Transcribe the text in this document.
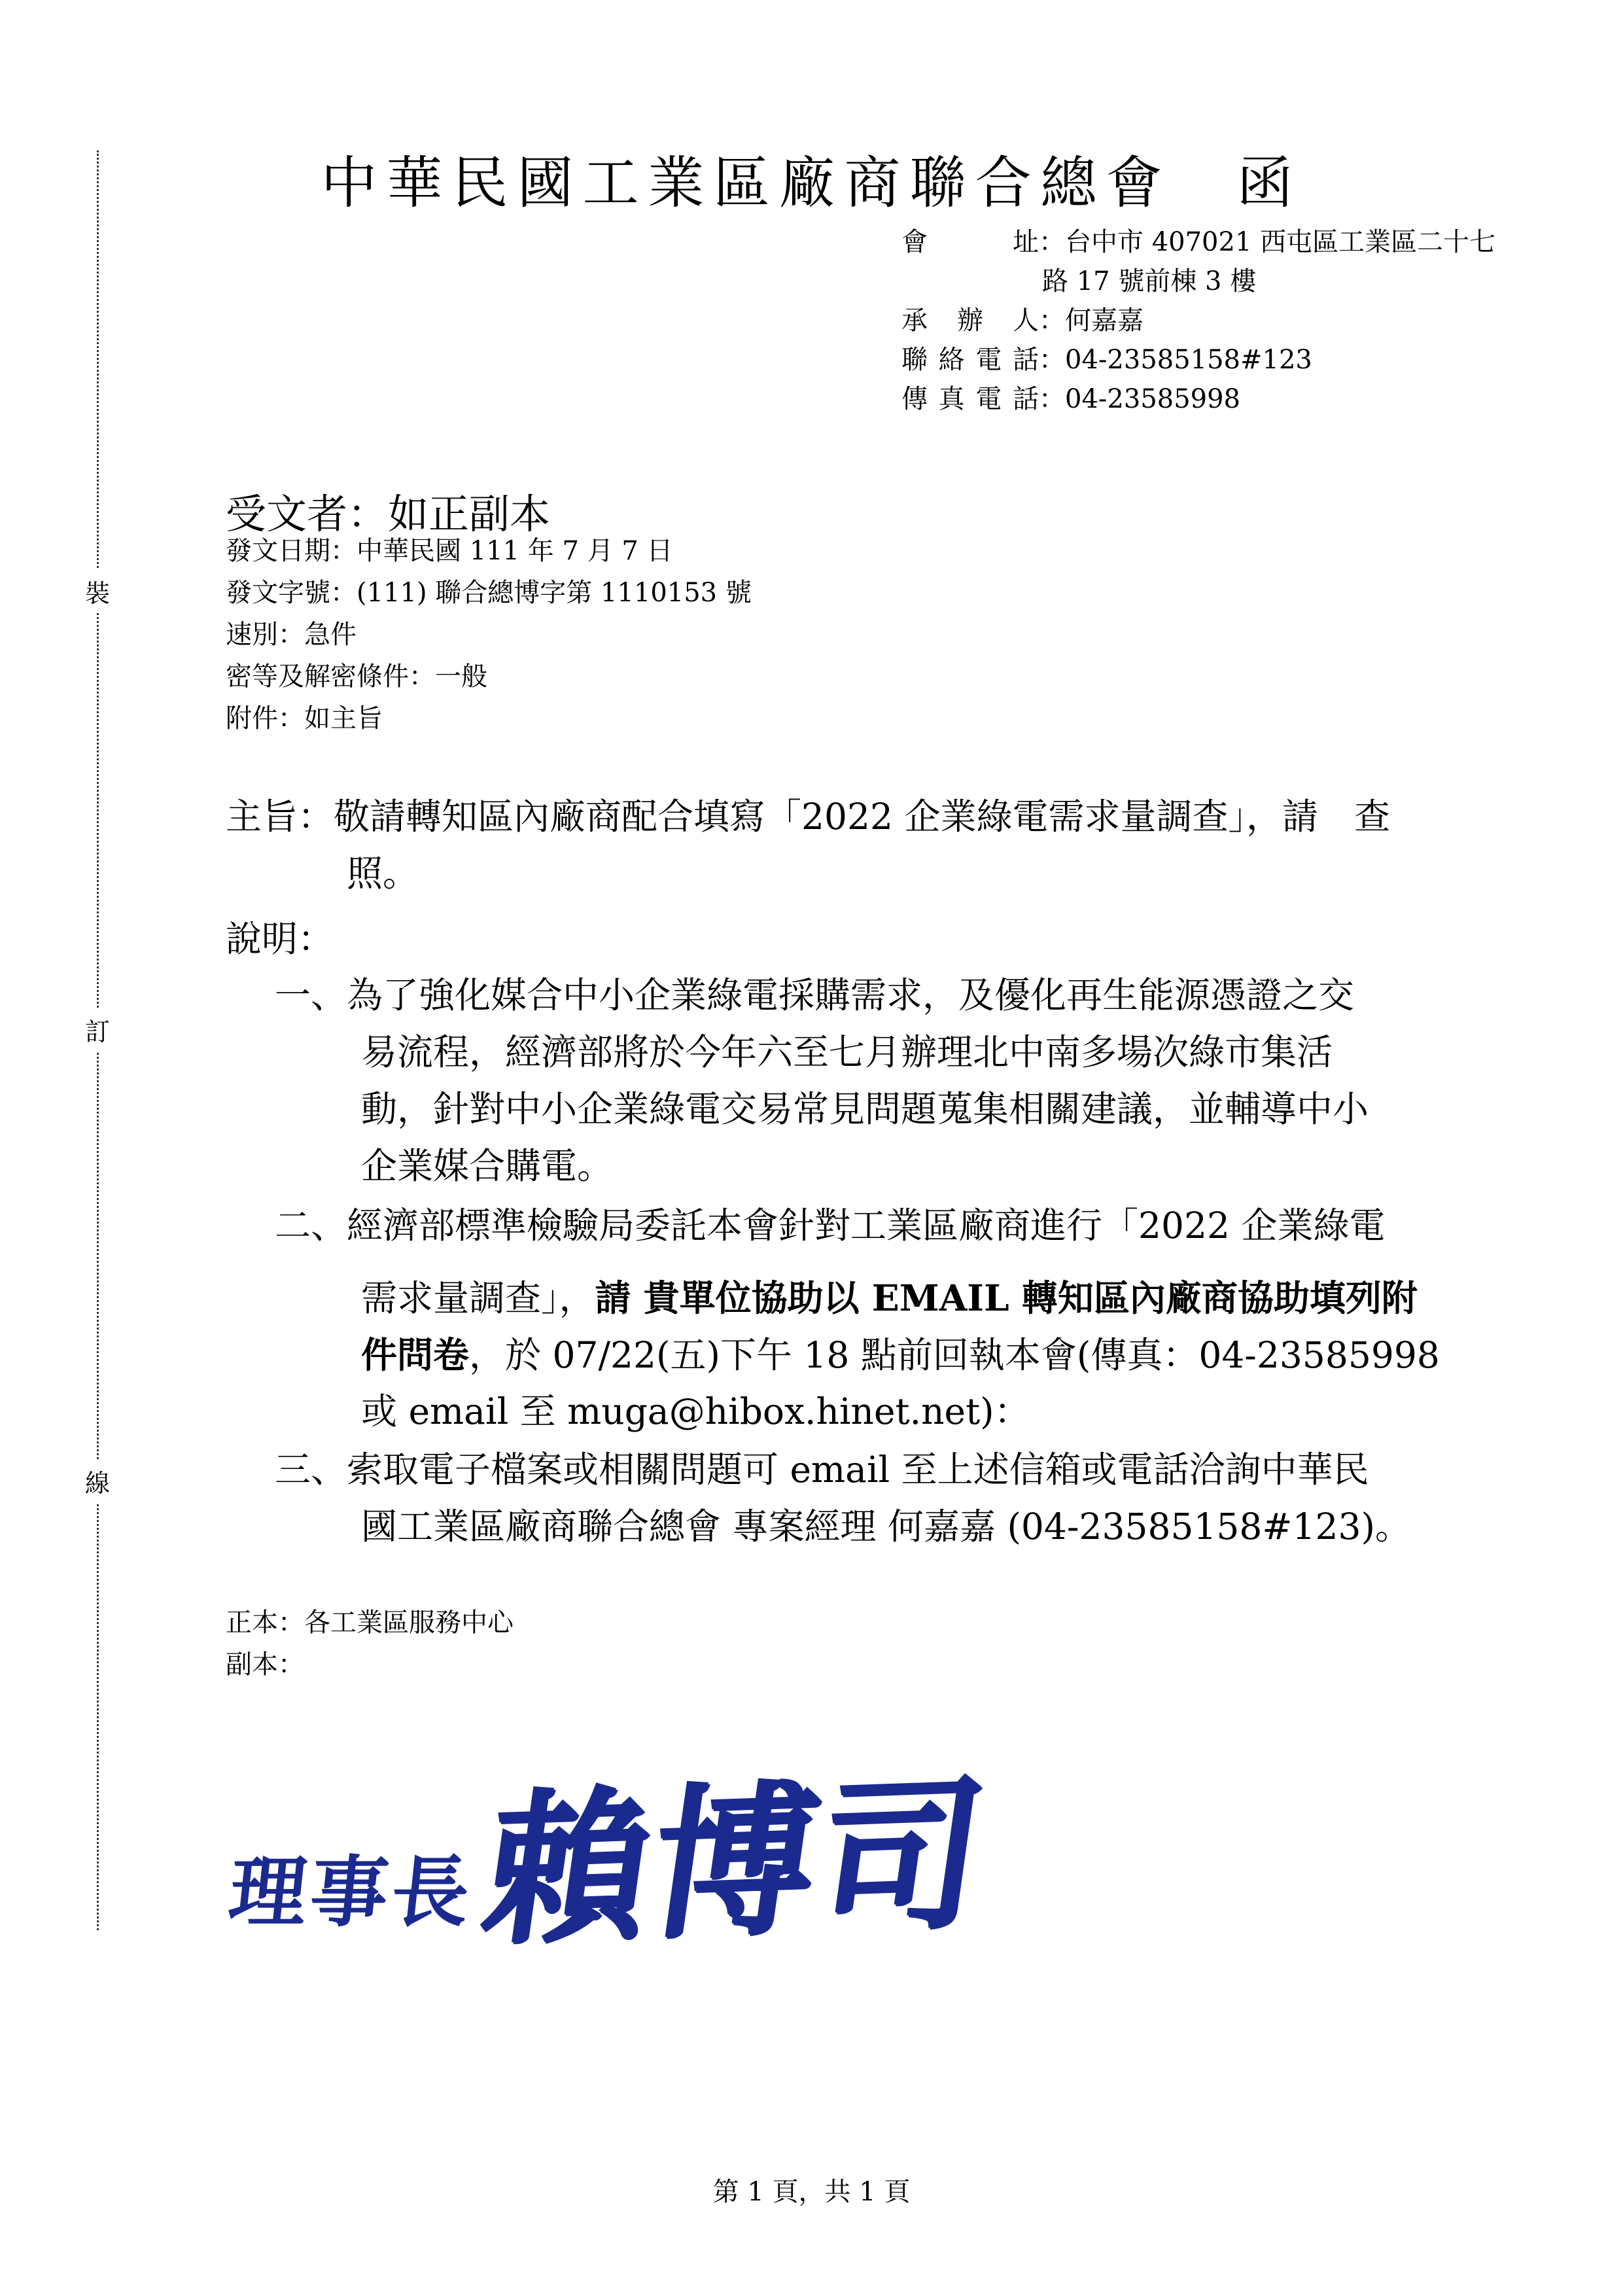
裝
訂
線
中華民國工業區廠商聯合總會　函
會址 ： 台中市 407021 西屯區工業區二十七
路 17 號前棟 3 樓
承辦人 ： 何嘉嘉
聯絡電話 ： 04-23585158#123
傳真電話 ： 04-23585998
受文者：如正副本
發文日期：中華民國 111 年 7 月 7 日
發文字號：(111) 聯合總博字第 1110153 號
速別：急件
密等及解密條件：一般
附件：如主旨
主旨：敬請轉知區內廠商配合填寫「2022 企業綠電需求量調查」，請　查
照。
說明：
一、為了強化媒合中小企業綠電採購需求，及優化再生能源憑證之交
易流程，經濟部將於今年六至七月辦理北中南多場次綠市集活
動，針對中小企業綠電交易常見問題蒐集相關建議，並輔導中小
企業媒合購電。
二、經濟部標準檢驗局委託本會針對工業區廠商進行「2022 企業綠電
需求量調查」，請 貴單位協助以 EMAIL 轉知區內廠商協助填列附
件問卷，於 07/22(五)下午 18 點前回執本會(傳真：04-23585998
或 email 至 muga@hibox.hinet.net)：
三、索取電子檔案或相關問題可 email 至上述信箱或電話洽詢中華民
國工業區廠商聯合總會 專案經理 何嘉嘉 (04-23585158#123)。
正本：各工業區服務中心
副本：
理事長
賴博司
第 1 頁，共 1 頁
